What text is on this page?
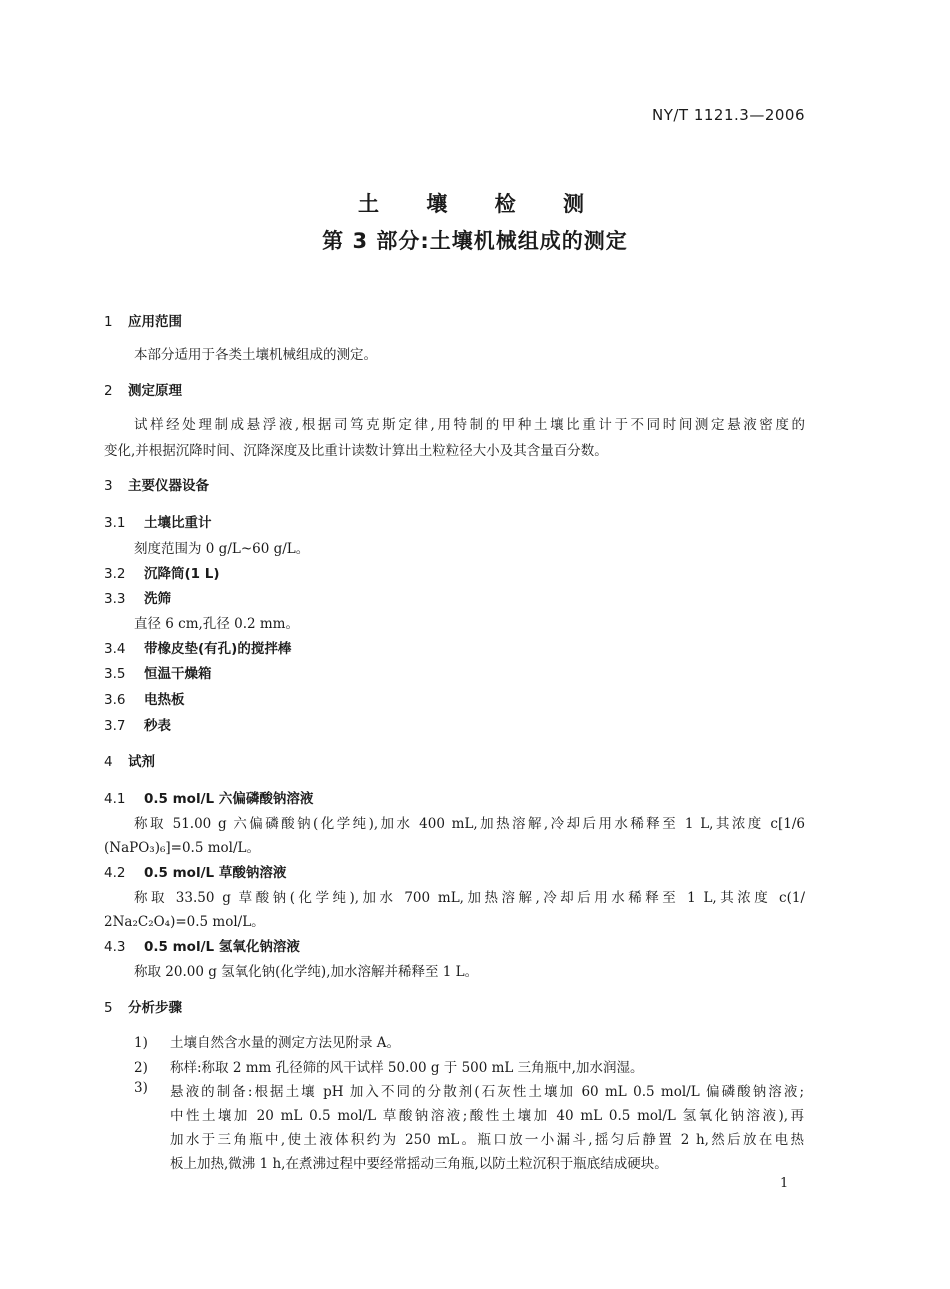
NY/T 1121.3—2006
土 壤 检 测
第 3 部分:土壤机械组成的测定
1 应用范围
本部分适用于各类土壤机械组成的测定。
2 测定原理
试样经处理制成悬浮液,根据司笃克斯定律,用特制的甲种土壤比重计于不同时间测定悬液密度的
变化,并根据沉降时间、沉降深度及比重计读数计算出土粒粒径大小及其含量百分数。
3 主要仪器设备
3.1 土壤比重计
刻度范围为 0 g/L~60 g/L。
3.2 沉降筒(1 L)
3.3 洗筛
直径 6 cm,孔径 0.2 mm。
3.4 带橡皮垫(有孔)的搅拌棒
3.5 恒温干燥箱
3.6 电热板
3.7 秒表
4 试剂
4.1 0.5 mol/L 六偏磷酸钠溶液
称取 51.00 g 六偏磷酸钠(化学纯),加水 400 mL,加热溶解,冷却后用水稀释至 1 L,其浓度 c[1/6
(NaPO₃)₆]=0.5 mol/L。
4.2 0.5 mol/L 草酸钠溶液
称取 33.50 g 草酸钠(化学纯),加水 700 mL,加热溶解,冷却后用水稀释至 1 L,其浓度 c(1/
2Na₂C₂O₄)=0.5 mol/L。
4.3 0.5 mol/L 氢氧化钠溶液
称取 20.00 g 氢氧化钠(化学纯),加水溶解并稀释至 1 L。
5 分析步骤
1) 土壤自然含水量的测定方法见附录 A。
2) 称样:称取 2 mm 孔径筛的风干试样 50.00 g 于 500 mL 三角瓶中,加水润湿。
3)	悬液的制备:根据土壤 pH 加入不同的分散剂(石灰性土壤加 60 mL 0.5 mol/L 偏磷酸钠溶液;
中性土壤加 20 mL 0.5 mol/L 草酸钠溶液;酸性土壤加 40 mL 0.5 mol/L 氢氧化钠溶液),再
加水于三角瓶中,使土液体积约为 250 mL。瓶口放一小漏斗,摇匀后静置 2 h,然后放在电热
板上加热,微沸 1 h,在煮沸过程中要经常摇动三角瓶,以防土粒沉积于瓶底结成硬块。
1
